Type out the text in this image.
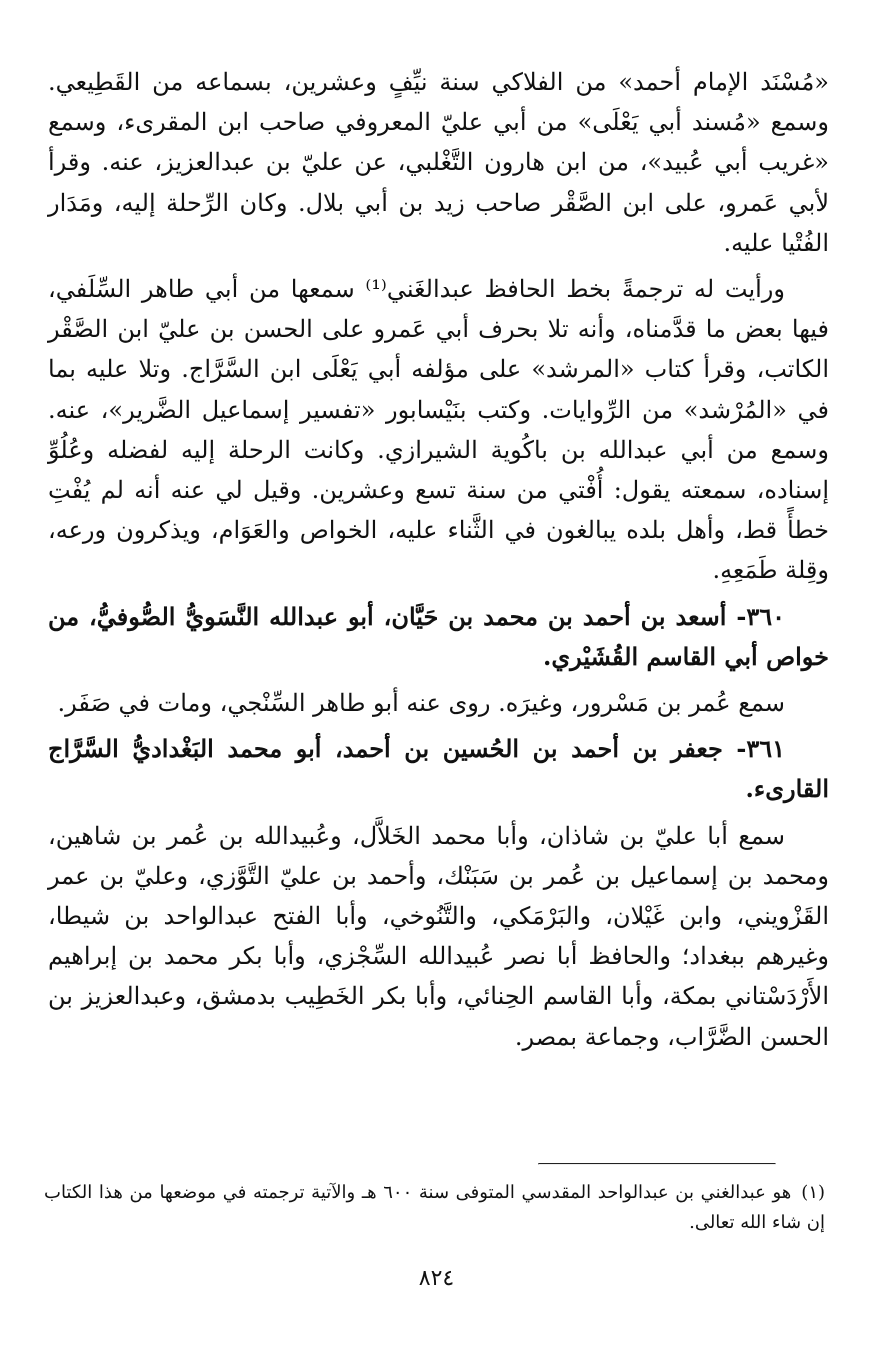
«مُسْنَد الإمام أحمد» من الفلاكي سنة نيِّفٍ وعشرين، بسماعه من القَطِيعي. وسمع «مُسند أبي يَعْلَى» من أبي عليّ المعروفي صاحب ابن المقرىء، وسمع «غريب أبي عُبيد»، من ابن هارون التَّغْلبي، عن عليّ بن عبدالعزيز، عنه. وقرأ لأبي عَمرو، على ابن الصَّقْر صاحب زيد بن أبي بلال. وكان الرِّحلة إليه، ومَدَار الفُتْيا عليه.

ورأيت له ترجمةً بخط الحافظ عبدالغَني⁽¹⁾ سمعها من أبي طاهر السِّلَفي، فيها بعض ما قدَّمناه، وأنه تلا بحرف أبي عَمرو على الحسن بن عليّ ابن الصَّقْر الكاتب، وقرأ كتاب «المرشد» على مؤلفه أبي يَعْلَى ابن السَّرَّاج. وتلا عليه بما في «المُرْشد» من الرِّوايات. وكتب بنَيْسابور «تفسير إسماعيل الضَّرير»، عنه. وسمع من أبي عبدالله بن باكُوية الشيرازي. وكانت الرحلة إليه لفضله وعُلُوِّ إسناده، سمعته يقول: أُفْتي من سنة تسع وعشرين. وقيل لي عنه أنه لم يُفْتِ خطأً قط، وأهل بلده يبالغون في الثَّناء عليه، الخواص والعَوَام، ويذكرون ورعه، وقِلة طَمَعِهِ.

٣٦٠- أسعد بن أحمد بن محمد بن حَيَّان، أبو عبدالله النَّسَويُّ الصُّوفيُّ، من خواص أبي القاسم القُشَيْري.

سمع عُمر بن مَسْرور، وغيرَه. روى عنه أبو طاهر السِّنْجي، ومات في صَفَر.

٣٦١- جعفر بن أحمد بن الحُسين بن أحمد، أبو محمد البَغْداديُّ السَّرَّاج القارىء.

سمع أبا عليّ بن شاذان، وأبا محمد الخَلاَّل، وعُبيدالله بن عُمر بن شاهين، ومحمد بن إسماعيل بن عُمر بن سَبَنْك، وأحمد بن عليّ التَّوَّزي، وعليّ بن عمر القَزْويني، وابن غَيْلان، والبَرْمَكي، والتَّنُوخي، وأبا الفتح عبدالواحد بن شيطا، وغيرهم ببغداد؛ والحافظ أبا نصر عُبيدالله السِّجْزي، وأبا بكر محمد بن إبراهيم الأَرْدَسْتاني بمكة، وأبا القاسم الحِنائي، وأبا بكر الخَطِيب بدمشق، وعبدالعزيز بن الحسن الضَّرَّاب، وجماعة بمصر.

(١)هو عبدالغني بن عبدالواحد المقدسي المتوفى سنة ٦٠٠ هـ والآتية ترجمته في موضعها من هذا الكتاب إن شاء الله تعالى.
٨٢٤
